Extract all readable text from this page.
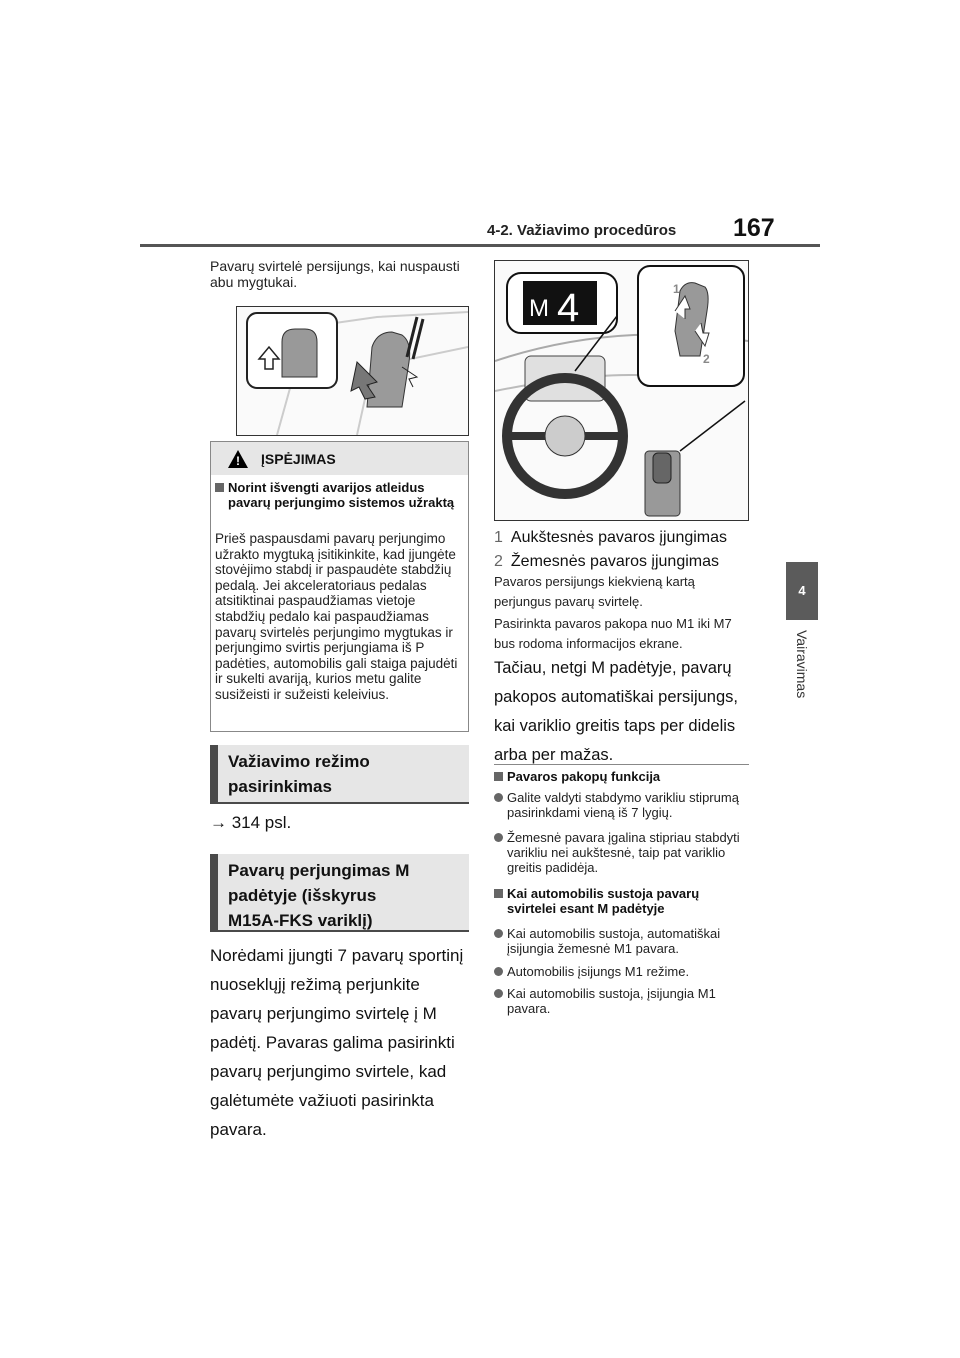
4-2. Važiavimo procedūros 167
4
Vairavimas
Pavarų svirtelė persijungs, kai nuspausti abu mygtukai.
! ĮSPĖJIMAS
Norint išvengti avarijos atleidus pavarų perjungimo sistemos užraktą
Prieš paspausdami pavarų perjungimo užrakto mygtuką įsitikinkite, kad įjungėte stovėjimo stabdį ir paspaudėte stabdžių pedalą. Jei akceleratoriaus pedalas atsitiktinai paspaudžiamas vietoje stabdžių pedalo kai paspaudžiamas pavarų svirtelės perjungimo mygtukas ir perjungimo svirtis perjungiama iš P padėties, automobilis gali staiga pajudėti ir sukelti avariją, kurios metu galite susižeisti ir sužeisti keleivius.
Važiavimo režimo
pasirinkimas
→ 314 psl.
Pavarų perjungimas M
padėtyje (išskyrus
M15A-FKS variklį)
Norėdami įjungti 7 pavarų sportinį nuoseklųjį režimą perjunkite pavarų perjungimo svirtelę į M padėtį. Pavaras galima pasirinkti pavarų perjungimo svirtele, kad galėtumėte važiuoti pasirinkta pavara.
M 4	1
2
1 Aukštesnės pavaros įjungimas
2 Žemesnės pavaros įjungimas
Pavaros persijungs kiekvieną kartą perjungus pavarų svirtelę.
Pasirinkta pavaros pakopa nuo M1 iki M7 bus rodoma informacijos ekrane.
Tačiau, netgi M padėtyje, pavarų pakopos automatiškai persijungs, kai variklio greitis taps per didelis arba per mažas.
Pavaros pakopų funkcija
Galite valdyti stabdymo varikliu stiprumą pasirinkdami vieną iš 7 lygių.
Žemesnė pavara įgalina stipriau stabdyti varikliu nei aukštesnė, taip pat variklio greitis padidėja.
Kai automobilis sustoja pavarų svirtelei esant M padėtyje
Kai automobilis sustoja, automatiškai įsijungia žemesnė M1 pavara.
Automobilis įsijungs M1 režime.
Kai automobilis sustoja, įsijungia M1 pavara.
